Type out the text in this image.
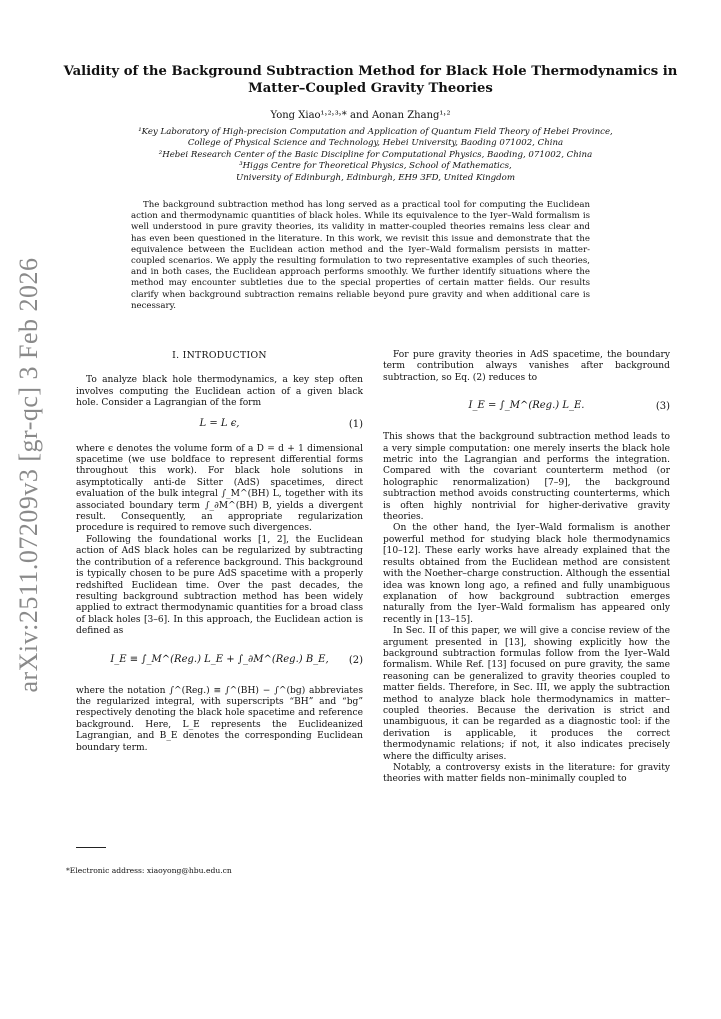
arXiv:2511.07209v3 [gr-qc] 3 Feb 2026
Validity of the Background Subtraction Method for Black Hole Thermodynamics in Matter–Coupled Gravity Theories
Yong Xiao¹˒²˒³˒* and Aonan Zhang¹˒²
¹Key Laboratory of High-precision Computation and Application of Quantum Field Theory of Hebei Province,
College of Physical Science and Technology, Hebei University, Baoding 071002, China
²Hebei Research Center of the Basic Discipline for Computational Physics, Baoding, 071002, China
³Higgs Centre for Theoretical Physics, School of Mathematics,
University of Edinburgh, Edinburgh, EH9 3FD, United Kingdom
The background subtraction method has long served as a practical tool for computing the Euclidean action and thermodynamic quantities of black holes. While its equivalence to the Iyer–Wald formalism is well understood in pure gravity theories, its validity in matter-coupled theories remains less clear and has even been questioned in the literature. In this work, we revisit this issue and demonstrate that the equivalence between the Euclidean action method and the Iyer–Wald formalism persists in matter-coupled scenarios. We apply the resulting formulation to two representative examples of such theories, and in both cases, the Euclidean approach performs smoothly. We further identify situations where the method may encounter subtleties due to the special properties of certain matter fields. Our results clarify when background subtraction remains reliable beyond pure gravity and when additional care is necessary.
I. INTRODUCTION

To analyze black hole thermodynamics, a key step often involves computing the Euclidean action of a given black hole. Consider a Lagrangian of the form

L = L ϵ,	(1)

where ϵ denotes the volume form of a D = d + 1 dimensional spacetime (we use boldface to represent differential forms throughout this work). For black hole solutions in asymptotically anti-de Sitter (AdS) spacetimes, direct evaluation of the bulk integral ∫_M^(BH) L, together with its associated boundary term ∫_∂M^(BH) B, yields a divergent result. Consequently, an appropriate regularization procedure is required to remove such divergences.

Following the foundational works [1, 2], the Euclidean action of AdS black holes can be regularized by subtracting the contribution of a reference background. This background is typically chosen to be pure AdS spacetime with a properly redshifted Euclidean time. Over the past decades, the resulting background subtraction method has been widely applied to extract thermodynamic quantities for a broad class of black holes [3–6]. In this approach, the Euclidean action is defined as

I_E ≡ ∫_M^(Reg.) L_E + ∫_∂M^(Reg.) B_E, (2)

where the notation ∫^(Reg.) ≡ ∫^(BH) − ∫^(bg) abbreviates the regularized integral, with superscripts “BH” and “bg” respectively denoting the black hole spacetime and reference background. Here, L_E represents the Euclideanized Lagrangian, and B_E denotes the corresponding Euclidean boundary term.

For pure gravity theories in AdS spacetime, the boundary term contribution always vanishes after background subtraction, so Eq. (2) reduces to

I_E = ∫_M^(Reg.) L_E.	(3)

This shows that the background subtraction method leads to a very simple computation: one merely inserts the black hole metric into the Lagrangian and performs the integration. Compared with the covariant counterterm method (or holographic renormalization) [7–9], the background subtraction method avoids constructing counterterms, which is often highly nontrivial for higher-derivative gravity theories.

On the other hand, the Iyer–Wald formalism is another powerful method for studying black hole thermodynamics [10–12]. These early works have already explained that the results obtained from the Euclidean method are consistent with the Noether–charge construction. Although the essential idea was known long ago, a refined and fully unambiguous explanation of how background subtraction emerges naturally from the Iyer–Wald formalism has appeared only recently in [13–15].

In Sec. II of this paper, we will give a concise review of the argument presented in [13], showing explicitly how the background subtraction formulas follow from the Iyer–Wald formalism. While Ref. [13] focused on pure gravity, the same reasoning can be generalized to gravity theories coupled to matter fields. Therefore, in Sec. III, we apply the subtraction method to analyze black hole thermodynamics in matter–coupled theories. Because the derivation is strict and unambiguous, it can be regarded as a diagnostic tool: if the derivation is applicable, it produces the correct thermodynamic relations; if not, it also indicates precisely where the difficulty arises.

Notably, a controversy exists in the literature: for gravity theories with matter fields non–minimally coupled to

*Electronic address: xiaoyong@hbu.edu.cn
